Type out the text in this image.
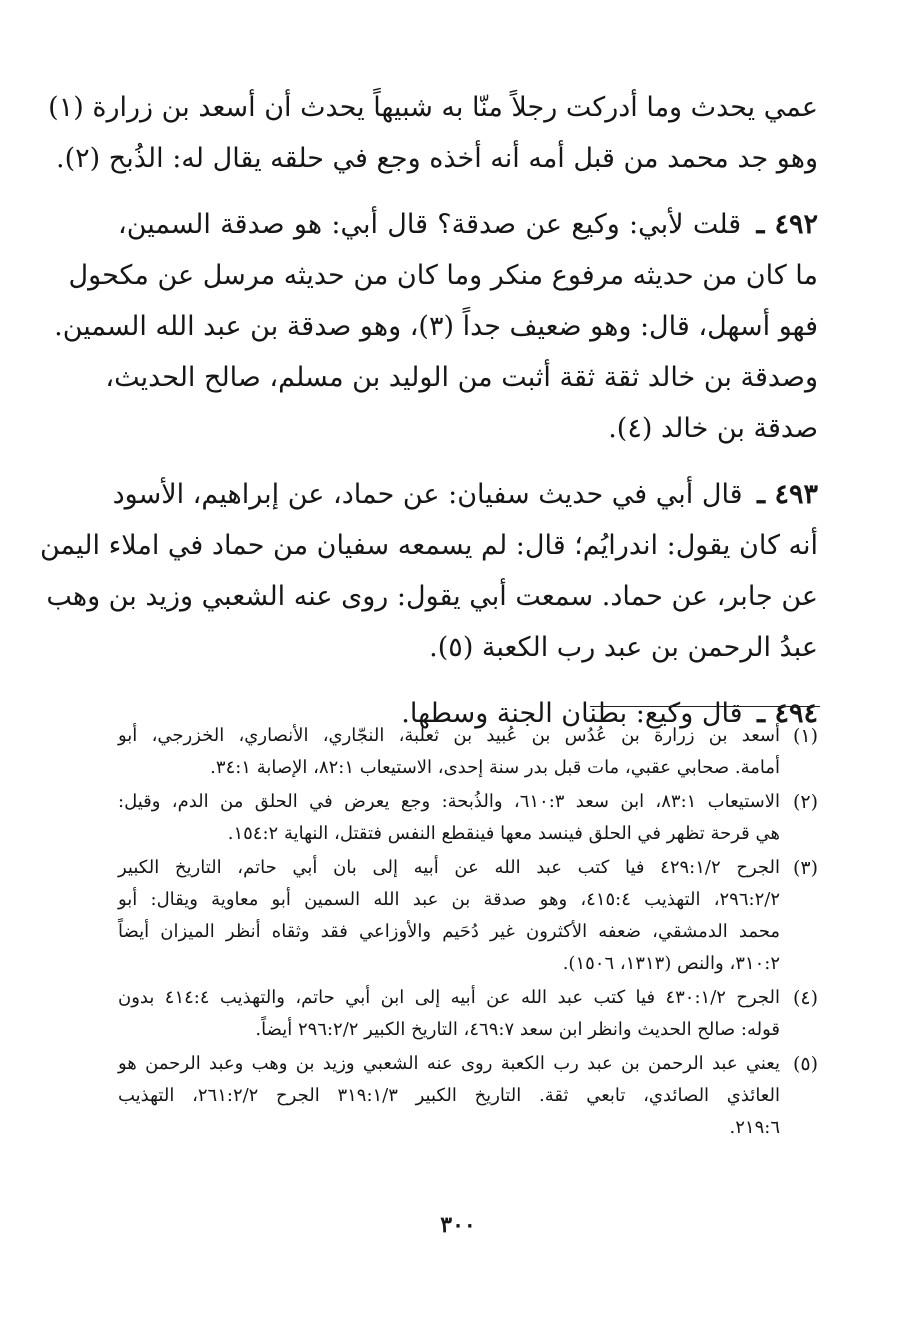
عمي يحدث وما أدركت رجلاً منّا به شبيهاً يحدث أن أسعد بن زرارة (١)
وهو جد محمد من قبل أمه أنه أخذه وجع في حلقه يقال له: الذُبح (٢).
٤٩٢ ـ قلت لأبي: وكيع عن صدقة؟ قال أبي: هو صدقة السمين،
ما كان من حديثه مرفوع منكر وما كان من حديثه مرسل عن مكحول
فهو أسهل، قال: وهو ضعيف جداً (٣)، وهو صدقة بن عبد الله السمين.
وصدقة بن خالد ثقة ثقة أثبت من الوليد بن مسلم، صالح الحديث،
صدقة بن خالد (٤).
٤٩٣ ـ قال أبي في حديث سفيان: عن حماد، عن إبراهيم، الأسود
أنه كان يقول: اندرايُم؛ قال: لم يسمعه سفيان من حماد في املاء اليمن
عن جابر، عن حماد. سمعت أبي يقول: روى عنه الشعبي وزيد بن وهب
عبدُ الرحمن بن عبد رب الكعبة (٥).
٤٩٤ ـ قال وكيع: بطنان الجنة وسطها.
(١)
أسعد بن زرارة بن عُدُس بن عُبيد بن ثعلبة، النجّاري، الأنصاري، الخزرجي، أبو
أمامة. صحابي عقبي، مات قبل بدر سنة إحدى، الاستيعاب ٨٢:١، الإصابة ٣٤:١.
(٢)
الاستيعاب ٨٣:١، ابن سعد ٦١٠:٣، والذُبحة: وجع يعرض في الحلق من الدم، وقيل:
هي قرحة تظهر في الحلق فينسد معها فينقطع النفس فتقتل، النهاية ١٥٤:٢.
(٣)
الجرح ٤٢٩:١/٢ فيا كتب عبد الله عن أبيه إلى بان أبي حاتم، التاريخ الكبير
٢٩٦:٢/٢، التهذيب ٤١٥:٤، وهو صدقة بن عبد الله السمين أبو معاوية ويقال: أبو
محمد الدمشقي، ضعفه الأكثرون غير دُحَيم والأوزاعي فقد وثقاه أنظر الميزان أيضاً
٣١٠:٢، والنص (١٣١٣، ١٥٠٦).
(٤)
الجرح ٤٣٠:١/٢ فيا كتب عبد الله عن أبيه إلى ابن أبي حاتم، والتهذيب ٤١٤:٤ بدون
قوله: صالح الحديث وانظر ابن سعد ٤٦٩:٧، التاريخ الكبير ٢٩٦:٢/٢ أيضاً.
(٥)
يعني عبد الرحمن بن عبد رب الكعبة روى عنه الشعبي وزيد بن وهب وعبد الرحمن هو
العائذي الصائدي، تابعي ثقة. التاريخ الكبير ٣١٩:١/٣ الجرح ٢٦١:٢/٢، التهذيب
٢١٩:٦.
٣٠٠
